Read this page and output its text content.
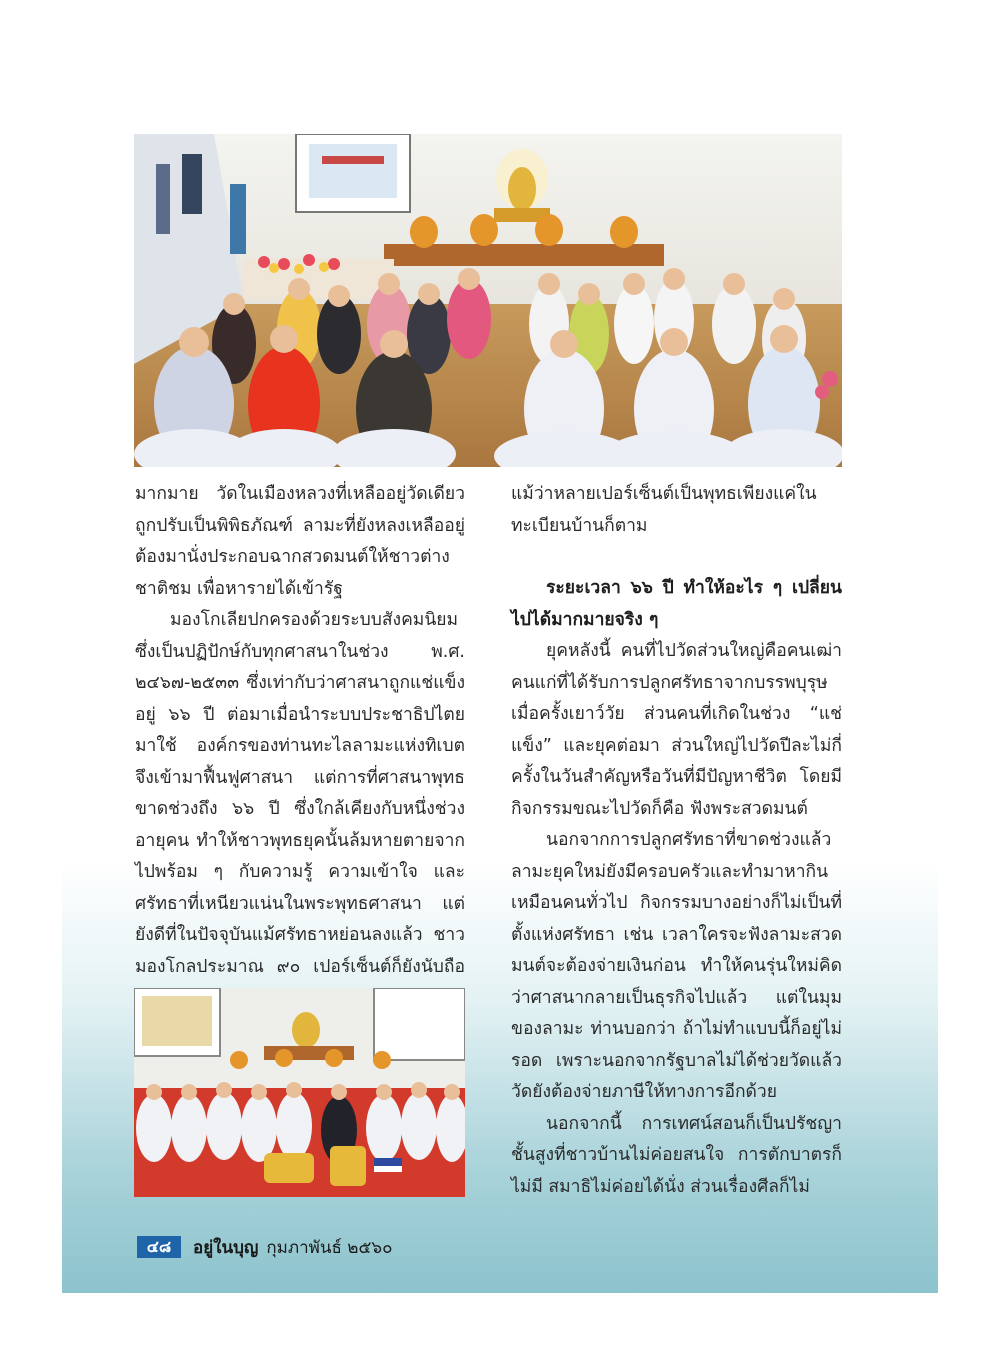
มากมาย วัดในเมืองหลวงที่เหลืออยู่วัดเดียวถูกปรับเป็นพิพิธภัณฑ์ ลามะที่ยังหลงเหลืออยู่ต้องมานั่งประกอบฉากสวดมนต์ให้ชาวต่างชาติชม เพื่อหารายได้เข้ารัฐ

มองโกเลียปกครองด้วยระบบสังคมนิยมซึ่งเป็นปฏิปักษ์กับทุกศาสนาในช่วง พ.ศ. ๒๔๖๗-๒๕๓๓ ซึ่งเท่ากับว่าศาสนาถูกแช่แข็งอยู่ ๖๖ ปี ต่อมาเมื่อนำระบบประชาธิปไตยมาใช้ องค์กรของท่านทะไลลามะแห่งทิเบตจึงเข้ามาฟื้นฟูศาสนา แต่การที่ศาสนาพุทธขาดช่วงถึง ๖๖ ปี ซึ่งใกล้เคียงกับหนึ่งช่วงอายุคน ทำให้ชาวพุทธยุคนั้นล้มหายตายจากไปพร้อม ๆ กับความรู้ ความเข้าใจ และศรัทธาที่เหนียวแน่นในพระพุทธศาสนา แต่ยังดีที่ในปัจจุบันแม้ศรัทธาหย่อนลงแล้ว ชาวมองโกลประมาณ ๙๐ เปอร์เซ็นต์ก็ยังนับถือ

แม้ว่าหลายเปอร์เซ็นต์เป็นพุทธเพียงแค่ในทะเบียนบ้านก็ตาม

ระยะเวลา ๖๖ ปี ทำให้อะไร ๆ เปลี่ยนไปได้มากมายจริง ๆ

ยุคหลังนี้ คนที่ไปวัดส่วนใหญ่คือคนเฒ่าคนแก่ที่ได้รับการปลูกศรัทธาจากบรรพบุรุษเมื่อครั้งเยาว์วัย ส่วนคนที่เกิดในช่วง “แช่แข็ง” และยุคต่อมา ส่วนใหญ่ไปวัดปีละไม่กี่ครั้งในวันสำคัญหรือวันที่มีปัญหาชีวิต โดยมีกิจกรรมขณะไปวัดก็คือ ฟังพระสวดมนต์

นอกจากการปลูกศรัทธาที่ขาดช่วงแล้วลามะยุคใหม่ยังมีครอบครัวและทำมาหากินเหมือนคนทั่วไป กิจกรรมบางอย่างก็ไม่เป็นที่ตั้งแห่งศรัทธา เช่น เวลาใครจะฟังลามะสวดมนต์จะต้องจ่ายเงินก่อน ทำให้คนรุ่นใหม่คิดว่าศาสนากลายเป็นธุรกิจไปแล้ว แต่ในมุมของลามะ ท่านบอกว่า ถ้าไม่ทำแบบนี้ก็อยู่ไม่รอด เพราะนอกจากรัฐบาลไม่ได้ช่วยวัดแล้ว วัดยังต้องจ่ายภาษีให้ทางการอีกด้วย

นอกจากนี้ การเทศน์สอนก็เป็นปรัชญาชั้นสูงที่ชาวบ้านไม่ค่อยสนใจ การตักบาตรก็ไม่มี สมาธิไม่ค่อยได้นั่ง ส่วนเรื่องศีลก็ไม่

๔๘	อยู่ในบุญ กุมภาพันธ์ ๒๕๖๐
